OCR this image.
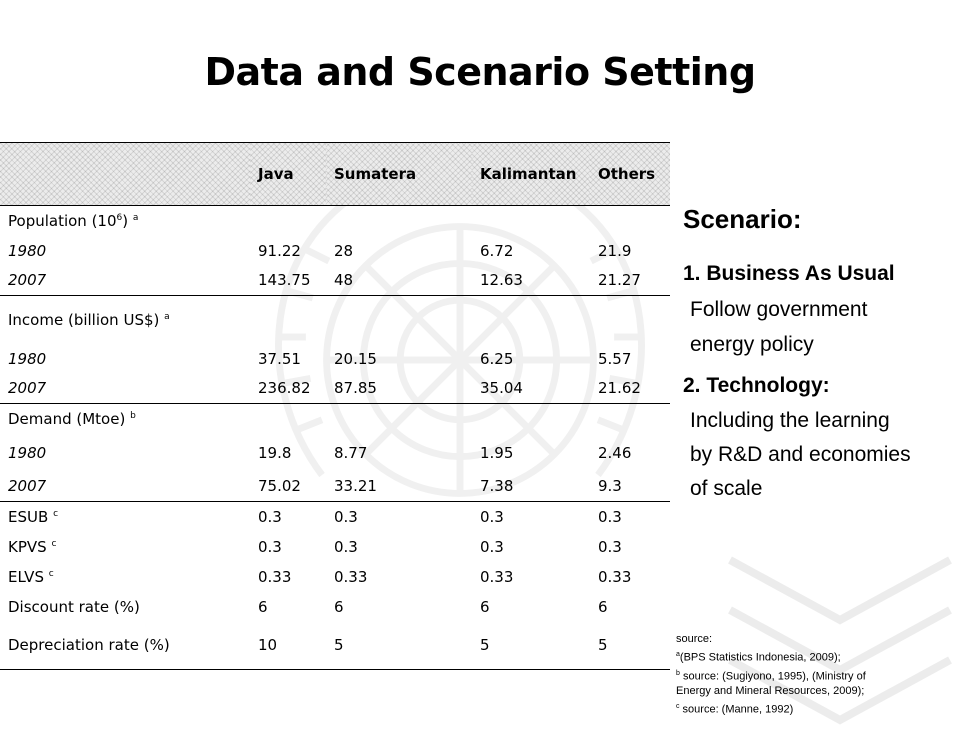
Data and Scenario Setting
	Java	Sumatera	Kalimantan	Others
Population $(10^6)$ $^a$				
1980	91.22	28	6.72	21.9
2007	143.75	48	12.63	21.27
Income (billion US$) $^a$				
1980	37.51	20.15	6.25	5.57
2007	236.82	87.85	35.04	21.62
Demand (Mtoe) $^b$				
1980	19.8	8.77	1.95	2.46
2007	75.02	33.21	7.38	9.3
ESUB $^c$	0.3	0.3	0.3	0.3
KPVS $^c$	0.3	0.3	0.3	0.3
ELVS $^c$	0.33	0.33	0.33	0.33
Discount rate (%)	6	6	6	6
Depreciation rate (%)	10	5	5	5
Scenario:
1. Business As Usual
Follow government
energy policy
2. Technology:
Including the learning
by R&D and economies
of scale
source:
$^a$(BPS Statistics Indonesia, 2009);
$^b$ source: (Sugiyono, 1995), (Ministry of
Energy and Mineral Resources, 2009);
$^c$ source: (Manne, 1992)
